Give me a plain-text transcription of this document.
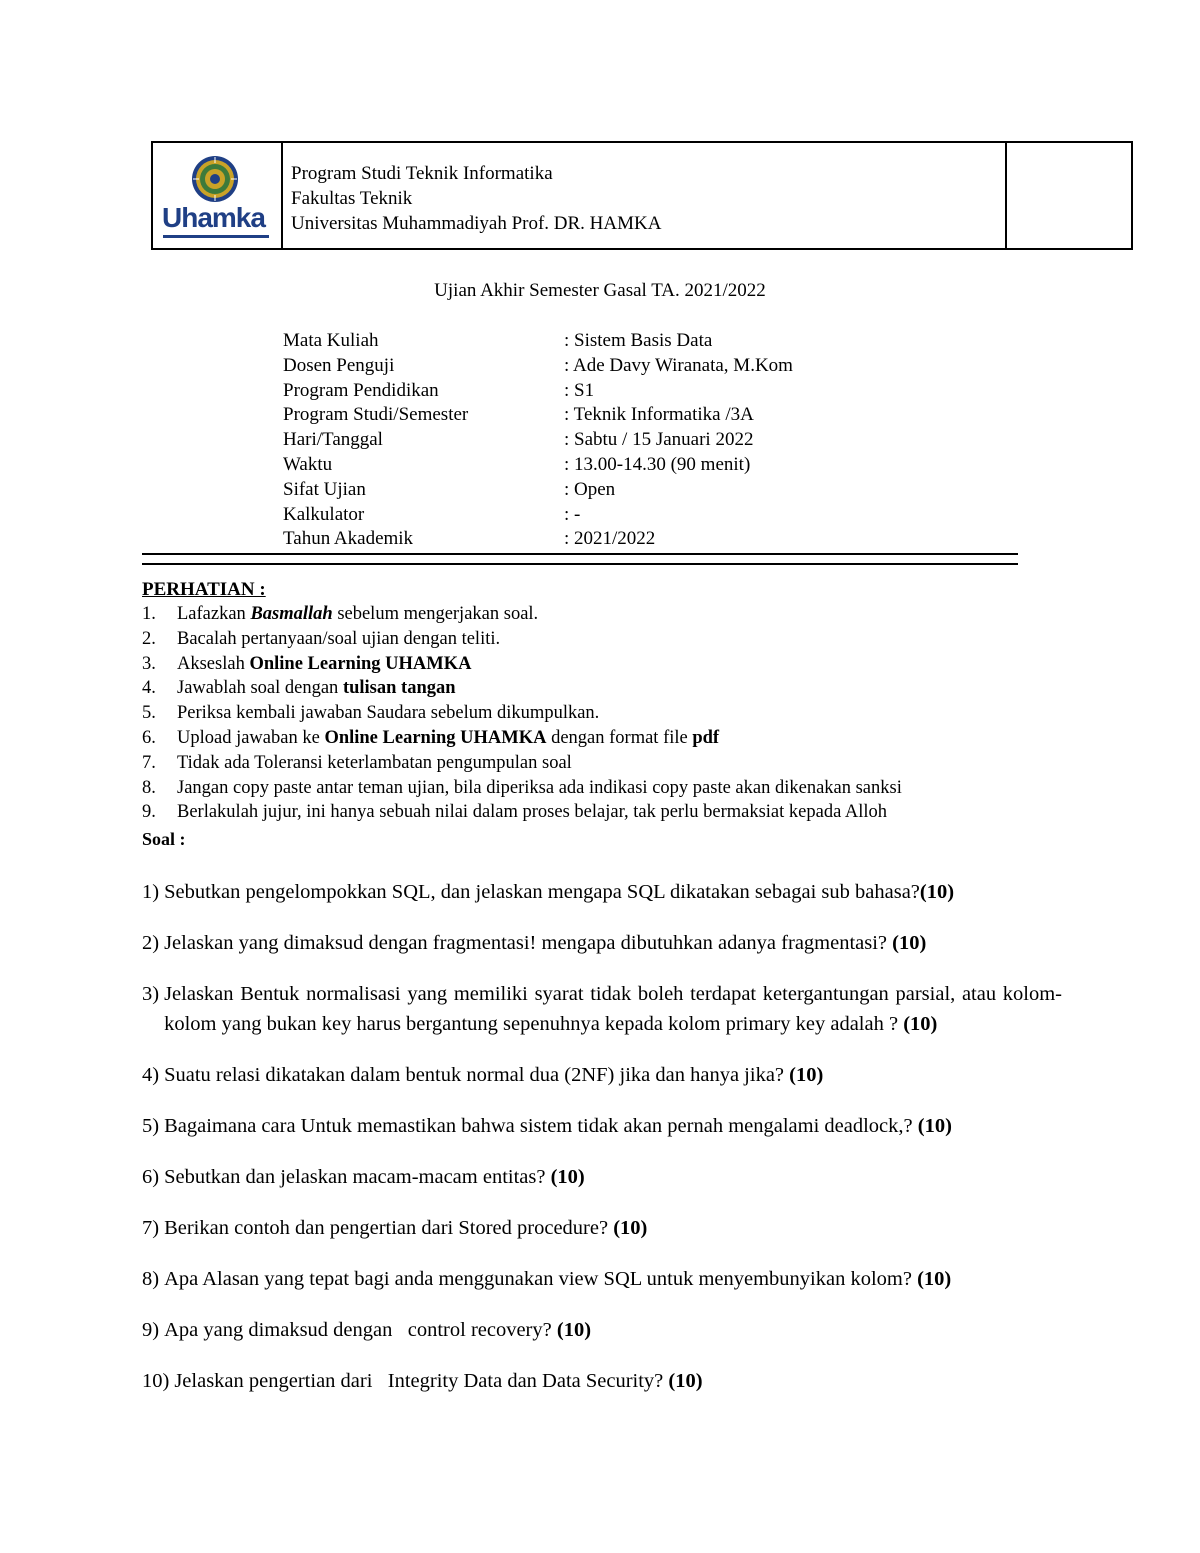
Uhamka
Program Studi Teknik Informatika
Fakultas Teknik
Universitas Muhammadiyah Prof. DR. HAMKA
Ujian Akhir Semester Gasal TA. 2021/2022
Mata Kuliah	: Sistem Basis Data
Dosen Penguji	: Ade Davy Wiranata, M.Kom
Program Pendidikan	: S1
Program Studi/Semester	: Teknik Informatika /3A
Hari/Tanggal	: Sabtu / 15 Januari 2022
Waktu	: 13.00-14.30 (90 menit)
Sifat Ujian	: Open
Kalkulator	: -
Tahun Akademik	: 2021/2022
PERHATIAN :
1.	Lafazkan Basmallah sebelum mengerjakan soal.
2.	Bacalah pertanyaan/soal ujian dengan teliti.
3.	Akseslah Online Learning UHAMKA
4.	Jawablah soal dengan tulisan tangan
5.	Periksa kembali jawaban Saudara sebelum dikumpulkan.
6.	Upload jawaban ke Online Learning UHAMKA dengan format file pdf
7.	Tidak ada Toleransi keterlambatan pengumpulan soal
8.	Jangan copy paste antar teman ujian, bila diperiksa ada indikasi copy paste akan dikenakan sanksi
9.	Berlakulah jujur, ini hanya sebuah nilai dalam proses belajar, tak perlu bermaksiat kepada Alloh
Soal :
1) Sebutkan pengelompokkan SQL, dan jelaskan mengapa SQL dikatakan sebagai sub bahasa?(10)
2) Jelaskan yang dimaksud dengan fragmentasi! mengapa dibutuhkan adanya fragmentasi? (10)
3) Jelaskan Bentuk normalisasi yang memiliki syarat tidak boleh terdapat ketergantungan parsial, atau kolom-kolom yang bukan key harus bergantung sepenuhnya kepada kolom primary key adalah ? (10)
4) Suatu relasi dikatakan dalam bentuk normal dua (2NF) jika dan hanya jika? (10)
5) Bagaimana cara Untuk memastikan bahwa sistem tidak akan pernah mengalami deadlock,? (10)
6) Sebutkan dan jelaskan macam-macam entitas? (10)
7) Berikan contoh dan pengertian dari Stored procedure? (10)
8) Apa Alasan yang tepat bagi anda menggunakan view SQL untuk menyembunyikan kolom? (10)
9) Apa yang dimaksud dengan   control recovery? (10)
10) Jelaskan pengertian dari   Integrity Data dan Data Security? (10)
